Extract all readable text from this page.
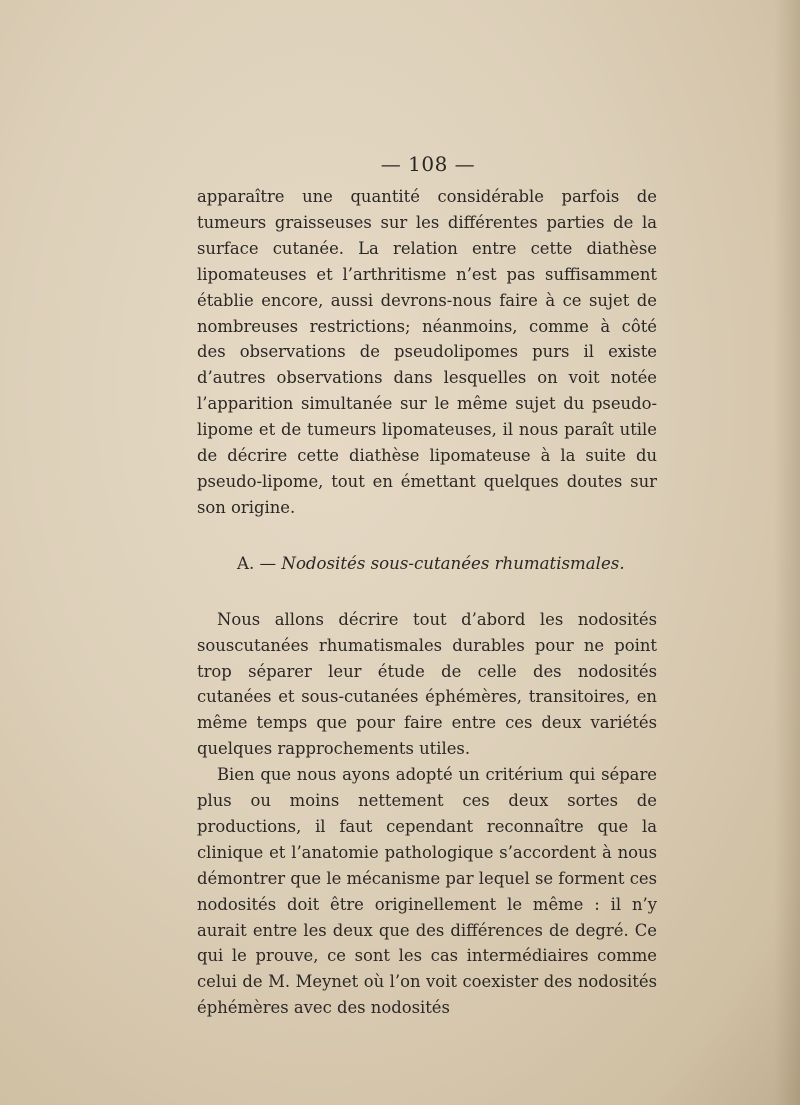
— 108 —

apparaître une quantité considérable parfois de tumeurs graisseuses sur les différentes parties de la surface cutanée. La relation entre cette diathèse lipomateuses et l’arthritisme n’est pas suffisamment établie encore, aussi devrons-nous faire à ce sujet de nombreuses restrictions; néanmoins, comme à côté des observations de pseudolipomes purs il existe d’autres observations dans lesquelles on voit notée l’apparition simultanée sur le même sujet du pseudo-lipome et de tumeurs lipomateuses, il nous paraît utile de décrire cette diathèse lipomateuse à la suite du pseudo-lipome, tout en émettant quelques doutes sur son origine.

A. — Nodosités sous-cutanées rhumatismales.

Nous allons décrire tout d’abord les nodosités souscutanées rhumatismales durables pour ne point trop séparer leur étude de celle des nodosités cutanées et sous-cutanées éphémères, transitoires, en même temps que pour faire entre ces deux variétés quelques rapprochements utiles.

Bien que nous ayons adopté un critérium qui sépare plus ou moins nettement ces deux sortes de productions, il faut cependant reconnaître que la clinique et l’anatomie pathologique s’accordent à nous démontrer que le mécanisme par lequel se forment ces nodosités doit être originellement le même : il n’y aurait entre les deux que des différences de degré. Ce qui le prouve, ce sont les cas intermédiaires comme celui de M. Meynet où l’on voit coexister des nodosités éphémères avec des nodosités
